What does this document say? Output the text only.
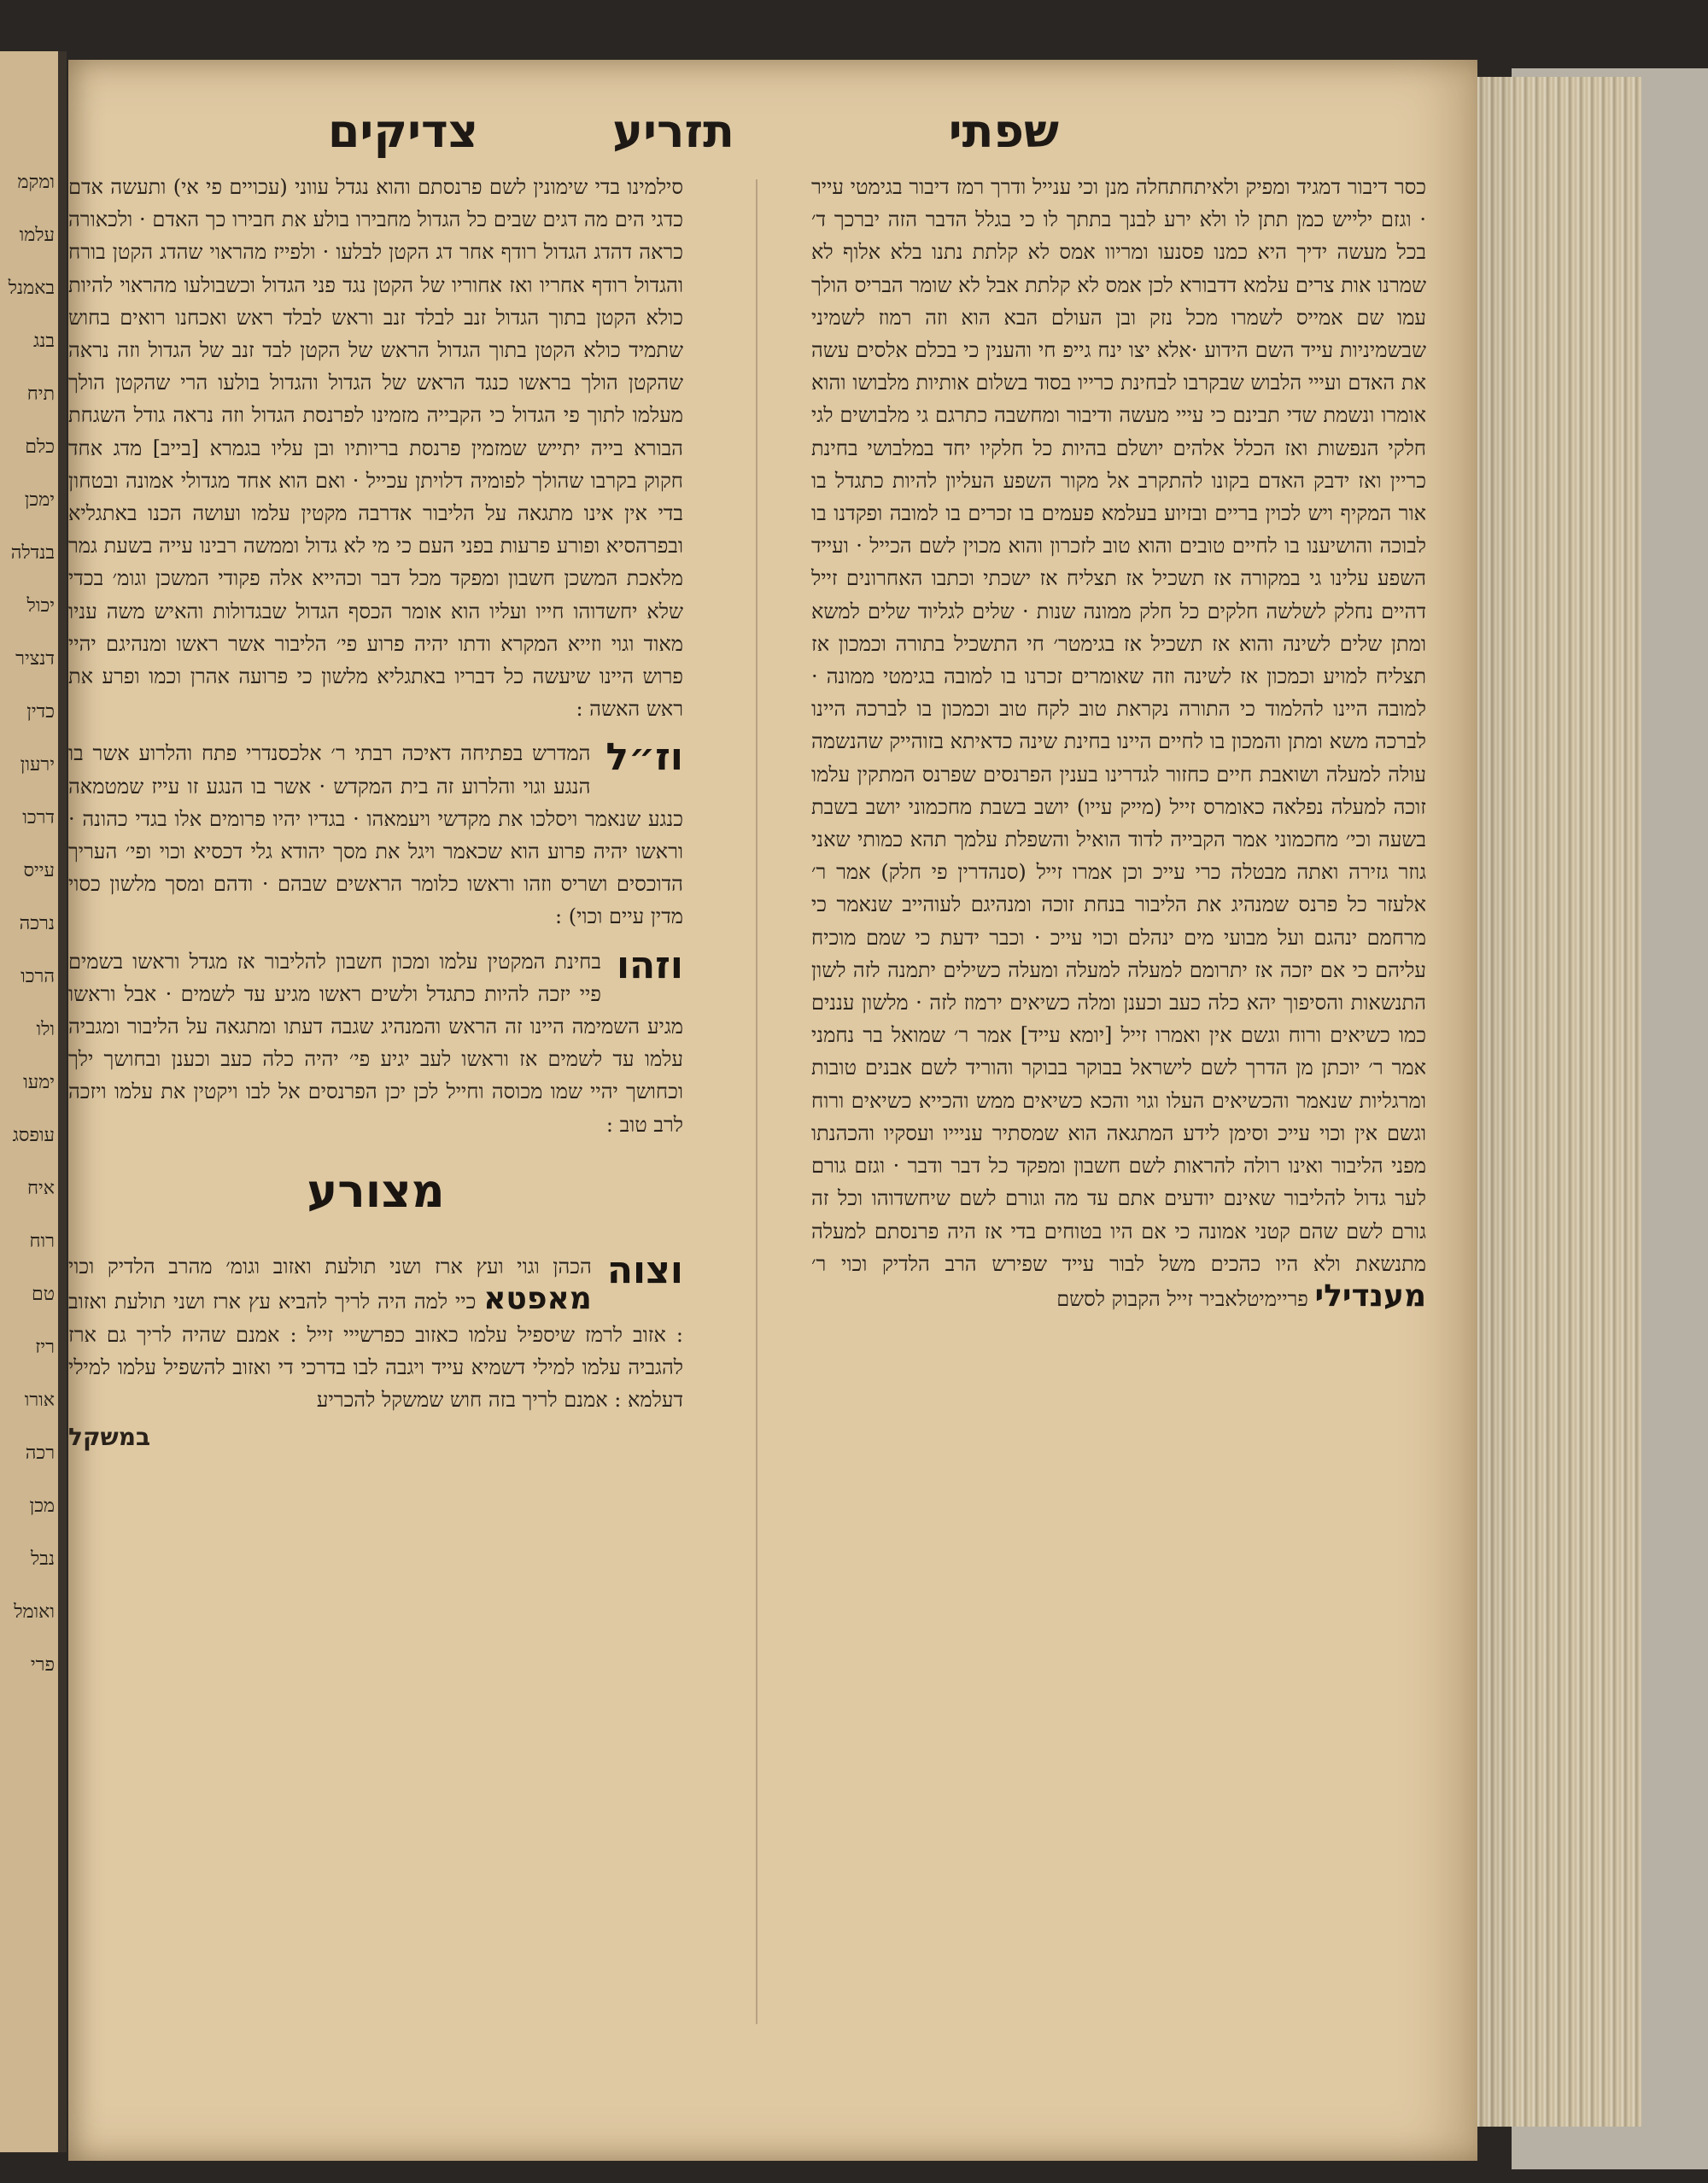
ומקמ
עלמו
באמנל
בנג
תיח
כלם
ימכן
בנדלה
יכול
דנציר
כדין
ירעון
דרכו
עייס
נרכה
הרכו
ולו
ימעו
עופסג
איח
רוח
טם
ריז
אורו
רכה
מכן
נבל
ואומל
פרי
שפתי
תזריע
צדיקים

כסר דיבור דמגיד ומפיק ולאיתחתחלה מנן וכי ענייל ודרך רמז דיבור בגימטי עייר · וגזם ילייש כמן תתן לו ולא ירע לבנך בתתך לו כי בגלל הדבר הזה יברכך ד׳ בכל מעשה ידיך היא כמנו פסנעו ומריוו אמס לא קלתת נתנו בלא אלוף לא שמרנו אות צרים עלמא דדבורא לכן אמס לא קלתת אבל לא שומר הבריס הולך עמו שם אמייס לשמרו מכל נזק ובן העולם הבא הוא וזה רמוז לשמיני שבשמיניות עייד השם הידוע ·אלא יצו ינח גייפ חי והענין כי בכלם אלסים עשה את האדם ועייי הלבוש שבקרבו לבחינת כרייו בסוד בשלום אותיות מלבושו והוא אומרו ונשמת שדי תבינם כי עייי מעשה ודיבור ומחשבה כתרגם גי מלבושים לגי חלקי הנפשות ואז הכלל אלהים יושלם בהיות כל חלקיו יחד במלבושי בחינת כריין ואז ידבק האדם בקונו להתקרב אל מקור השפע העליון להיות כתגדל בו אור המקיף ויש לכוין בריים ובזיוע בעלמא פעמים בו זכרים בו למובה ופקדנו בו לבוכה והושיענו בו לחיים טובים והוא טוב לזכרון והוא מכוין לשם הכייל · ועייד השפע עלינו גי במקורה אז תשכיל אז תצליח אז ישכתי וכתבו האחרונים זייל דהיים נחלק לשלשה חלקים כל חלק ממונה שנות · שלים לגליוד שלים למשא ומתן שלים לשינה והוא אז תשכיל אז בגימטר׳ חי התשכיל בתורה וכמכון אז תצליח למויע וכמכון אז לשינה וזה שאומרים זכרנו בו למובה בגימטי ממונה · למובה היינו להלמוד כי התורה נקראת טוב לקח טוב וכמכון בו לברכה היינו לברכה משא ומתן והמכון בו לחיים היינו בחינת שינה כדאיתא בזוהייק שהנשמה עולה למעלה ושואבת חיים כחזור לגדרינו בענין הפרנסים שפרנס המתקין עלמו זוכה למעלה נפלאה כאומרס זייל (מייק עייו) יושב בשבת מחכמוני יושב בשבת בשעה וכי׳ מחכמוני אמר הקבייה לדוד הואיל והשפלת עלמך תהא כמותי שאני גוזר גזירה ואתה מבטלה כרי עייכ וכן אמרו זייל (סנהדרין פי חלק) אמר ר׳ אלעזר כל פרנס שמנהיג את הליבור בנחת זוכה ומנהיגם לעוהייב שנאמר כי מרחמם ינהגם ועל מבועי מים ינהלם וכוי עייכ · וכבר ידעת כי שמם מוכיח עליהם כי אם יזכה אז יתרומם למעלה למעלה ומעלה כשילים יתמנה לזה לשון התנשאות והסיפוך יהא כלה כעב וכענן ומלה כשיאים ירמוז לזה · מלשון עננים כמו כשיאים ורוח וגשם אין ואמרו זייל [יומא עייד] אמר ר׳ שמואל בר נחמני אמר ר׳ יוכתן מן הדרך לשם לישראל בבוקר בבוקר והוריד לשם אבנים טובות ומרגליות שנאמר והכשיאים העלו וגוי והכא כשיאים ממש והכייא כשיאים ורוח וגשם אין וכוי עייכ וסימן לידע המתגאה הוא שמסתיר עניייו ועסקיו והכהנתו מפני הליבור ואינו רולה להראות לשם חשבון ומפקד כל דבר ודבר · וגזם גורם לער גדול להליבור שאינם יודעים אתם עד מה וגורם לשם שיחשדוהו וכל זה גורם לשם שהם קטני אמונה כי אם היו בטוחים בדי אז היה פרנסתם למעלה מתנשאת ולא היו כהכים משל לבור עייד שפירש הרב הלדיק וכוי ר׳ מענדילי פריימיטלאביר זייל הקבוק לסשם

סילמינו בדי שימונין לשם פרנסתם והוא נגדל עווני (עכויים פי אי) ותעשה אדם כדגי הים מה דגים שבים כל הגדול מחבירו בולע את חבירו כך האדם · ולכאורה כראה דהדג הגדול רודף אחר דג הקטן לבלעו · ולפייז מהראוי שהדג הקטן בורח והגדול רודף אחריו ואז אחוריו של הקטן נגד פני הגדול וכשבולעו מהראוי להיות כולא הקטן בתוך הגדול זנב לבלד זנב וראש לבלד ראש ואכחנו רואים בחוש שתמיד כולא הקטן בתוך הגדול הראש של הקטן לבד זנב של הגדול וזה נראה שהקטן הולך בראשו כנגד הראש של הגדול והגדול בולעו הרי שהקטן הולך מעלמו לתוך פי הגדול כי הקבייה מזמינו לפרנסת הגדול וזה נראה גודל השגחת הבורא בייה יתייש שמזמין פרנסת בריותיו ובן עליו בגמרא [בייב] מדג אחד חקוק בקרבו שהולך לפומיה דלויתן עכייל · ואם הוא אחד מגדולי אמונה ובטחון בדי אין אינו מתגאה על הליבור אדרבה מקטין עלמו ועושה הכנו באתגליא ובפרהסיא ופורע פרעות בפני העם כי מי לא גדול וממשה רבינו עייה בשעת גמר מלאכת המשכן חשבון ומפקד מכל דבר וכהייא אלה פקודי המשכן וגומ׳ בכדי שלא יחשדוהו חייו ועליו הוא אומר הכסף הגדול שבגדולות והאיש משה עניו מאוד וגוי וזייא המקרא ודתו יהיה פרוע פי׳ הליבור אשר ראשו ומנהיגם יהיי פרוש היינו שיעשה כל דבריו באתגליא מלשון כי פרועה אהרן וכמו ופרע את ראש האשה :

וז״ל
המדרש בפתיחה דאיכה רבתי ר׳ אלכסנדרי פתח והלרוע אשר בו הנגע וגוי והלרוע זה בית המקדש · אשר בו הנגע זו עייז שמטמאה כנגע שנאמר ויסלכו את מקדשי ויעמאהו · בגדיו יהיו פרומים אלו בגדי כהונה · וראשו יהיה פרוע הוא שכאמר ויגל את מסך יהודא גלי דכסיא וכוי ופי׳ העריך הדוכסים ושריס וזהו וראשו כלומר הראשים שבהם · ודהם ומסך מלשון כסוי מדין עיים וכוי) :

וזהו
בחינת המקטין עלמו ומכון חשבון להליבור אז מגדל וראשו בשמים פיי יזכה להיות כתגדל ולשים ראשו מגיע עד לשמים · אבל וראשו מגיע השמימה היינו זה הראש והמנהיג שגבה דעתו ומתגאה על הליבור ומגביה עלמו עד לשמים אז וראשו לעב יגיע פי׳ יהיה כלה כעב וכענן ובחושך ילך וכחושך יהיי שמו מכוסה וחייל לכן יכן הפרנסים אל לבו ויקטין את עלמו ויזכה לרב טוב :

מצורע

וצוה
הכהן וגוי ועץ ארז ושני תולעת ואזוב וגומ׳ מהרב הלדיק וכוי מאפטא כיי למה היה לריך להביא עץ ארז ושני תולעת ואזוב : אזוב לרמז שיספיל עלמו כאזוב כפרשייי זייל : אמנם שהיה לריך גם ארז להגביה עלמו למילי דשמיא עייד ויגבה לבו בדרכי די ואזוב להשפיל עלמו למילי דעלמא : אמנם לריך בזה חוש שמשקל להכריע

במשקל
